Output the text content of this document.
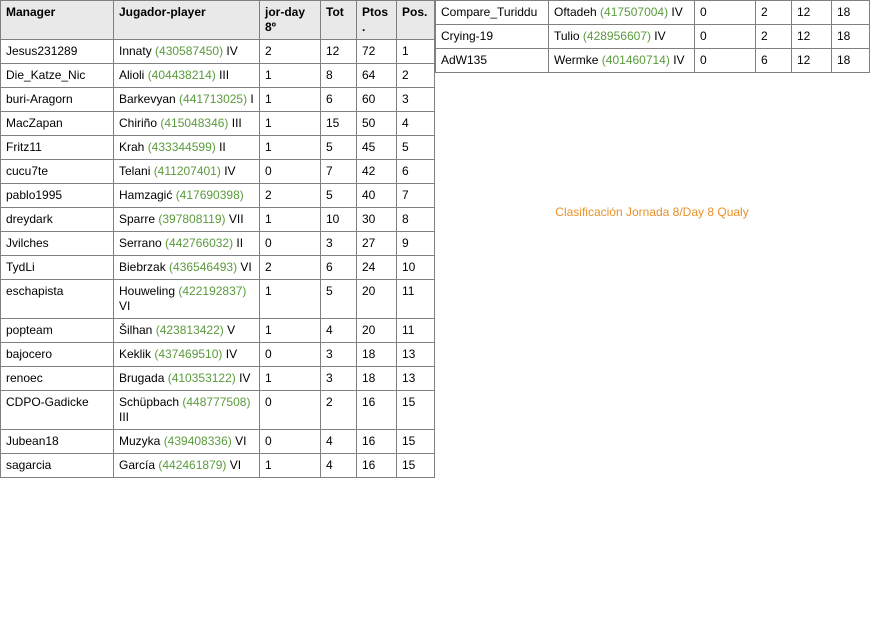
Manager	Jugador-player	jor-day 8º	Tot	Ptos.	Pos.
Jesus231289	Innaty (430587450) IV	2	12	72	1
Die_Katze_Nic	Alioli (404438214) III	1	8	64	2
buri-Aragorn	Barkevyan (441713025) I	1	6	60	3
MacZapan	Chiriño (415048346) III	1	15	50	4
Fritz11	Krah (433344599) II	1	5	45	5
cucu7te	Telani (411207401) IV	0	7	42	6
pablo1995	Hamzagić (417690398)	2	5	40	7
dreydark	Sparre (397808119) VII	1	10	30	8
Jvilches	Serrano (442766032) II	0	3	27	9
TydLi	Biebrzak (436546493) VI	2	6	24	10
eschapista	Houweling (422192837) VI	1	5	20	11
popteam	Šilhan (423813422) V	1	4	20	11
bajocero	Keklik (437469510) IV	0	3	18	13
renoec	Brugada (410353122) IV	1	3	18	13
CDPO-Gadicke	Schüpbach (448777508) III	0	2	16	15
Jubean18	Muzyka (439408336) VI	0	4	16	15
sagarcia	García (442461879) VI	1	4	16	15
Compare_Turiddu	Oftadeh (417507004) IV	0	2	12	18
Crying-19	Tulio (428956607) IV	0	2	12	18
AdW135	Wermke (401460714) IV	0	6	12	18
Clasificación Jornada 8/Day 8 Qualy
